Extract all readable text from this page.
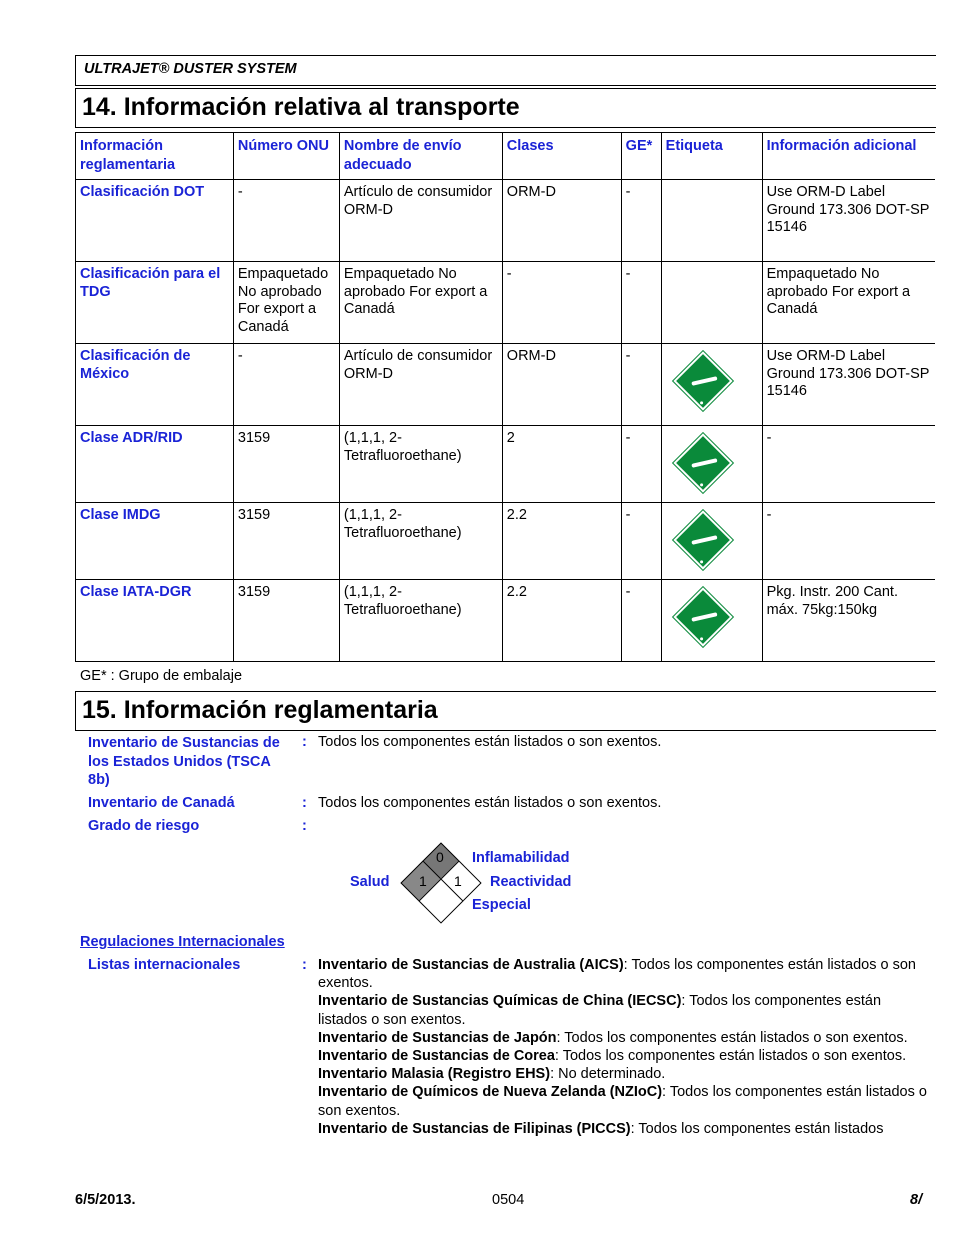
ULTRAJET® DUSTER SYSTEM
14. Información relativa al transporte
Información reglamentaria	Número ONU	Nombre de envío adecuado	Clases	GE*	Etiqueta	Información adicional
Clasificación DOT	-	Artículo de consumidor ORM-D	ORM-D	-		Use ORM-D Label Ground 173.306 DOT-SP 15146
Clasificación para el TDG	Empaquetado No aprobado For export a Canadá	Empaquetado No aprobado For export a Canadá	-	-		Empaquetado No aprobado For export a Canadá
Clasificación de México	-	Artículo de consumidor ORM-D	ORM-D	-		Use ORM-D Label Ground 173.306 DOT-SP 15146
Clase ADR/RID	3159	(1,1,1, 2-Tetrafluoroethane)	2	-		-
Clase IMDG	3159	(1,1,1, 2-Tetrafluoroethane)	2.2	-		-
Clase IATA-DGR	3159	(1,1,1, 2-Tetrafluoroethane)	2.2	-		Pkg. Instr. 200 Cant. máx. 75kg:150kg
GE* : Grupo de embalaje
15. Información reglamentaria
Inventario de Sustancias de los Estados Unidos (TSCA 8b)
: Todos los componentes están listados o son exentos.
Inventario de Canadá	: Todos los componentes están listados o son exentos.
Grado de riesgo	:
0
1 1
Inflamabilidad
Salud	Reactividad
Especial
Regulaciones Internacionales
Listas internacionales	: Inventario de Sustancias de Australia (AICS): Todos los componentes están listados o son exentos.
Inventario de Sustancias Químicas de China (IECSC): Todos los componentes están listados o son exentos.
Inventario de Sustancias de Japón: Todos los componentes están listados o son exentos.
Inventario de Sustancias de Corea: Todos los componentes están listados o son exentos.
Inventario Malasia (Registro EHS): No determinado.
Inventario de Químicos de Nueva Zelanda (NZIoC): Todos los componentes están listados o son exentos.
Inventario de Sustancias de Filipinas (PICCS): Todos los componentes están listados
6/5/2013.	0504	8/
